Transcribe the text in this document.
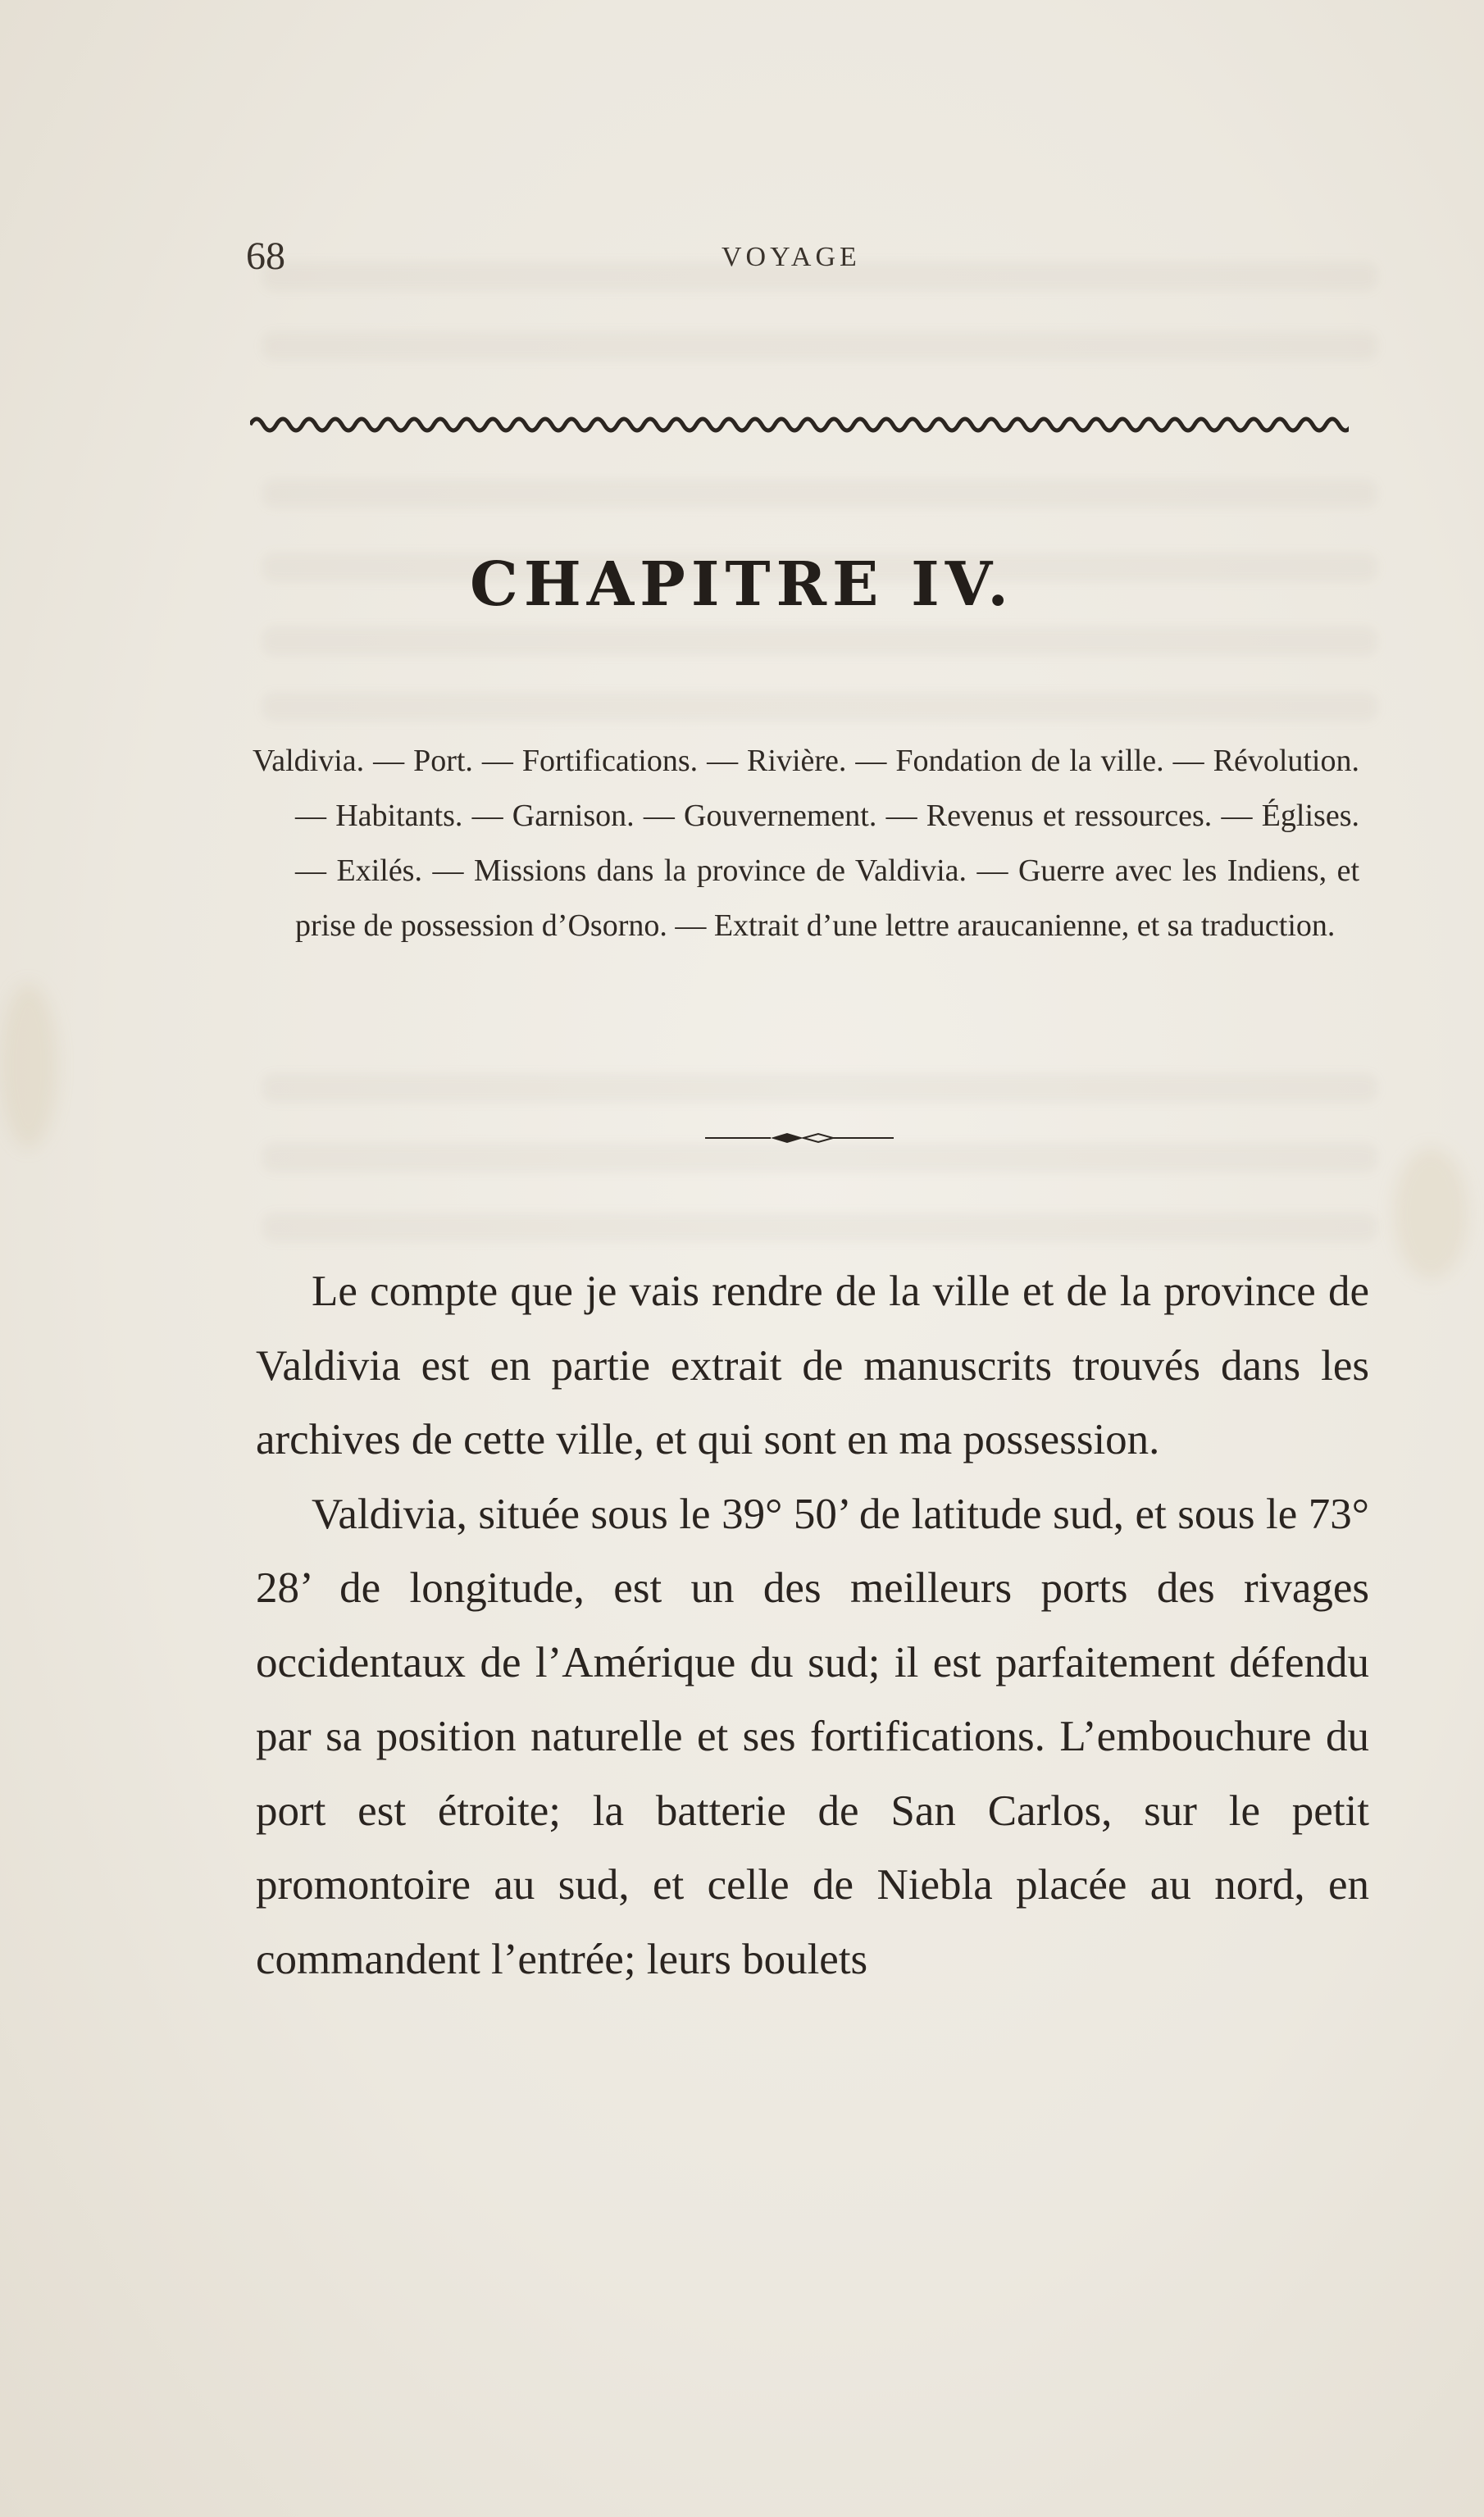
68	VOYAGE
CHAPITRE IV.
Valdivia. — Port. — Fortifications. — Rivière. — Fondation de la ville. — Révolution. — Habitants. — Garnison. — Gouvernement. — Revenus et ressources. — Églises. — Exilés. — Missions dans la province de Valdivia. — Guerre avec les Indiens, et prise de possession d’Osorno. — Extrait d’une lettre araucanienne, et sa traduction.

Le compte que je vais rendre de la ville et de la province de Valdivia est en partie extrait de manuscrits trouvés dans les archives de cette ville, et qui sont en ma possession.

Valdivia, située sous le 39° 50’ de latitude sud, et sous le 73° 28’ de longitude, est un des meilleurs ports des rivages occidentaux de l’Amérique du sud; il est parfaitement défendu par sa position naturelle et ses fortifications. L’embouchure du port est étroite; la batterie de San Carlos, sur le petit promontoire au sud, et celle de Niebla placée au nord, en commandent l’entrée; leurs boulets
